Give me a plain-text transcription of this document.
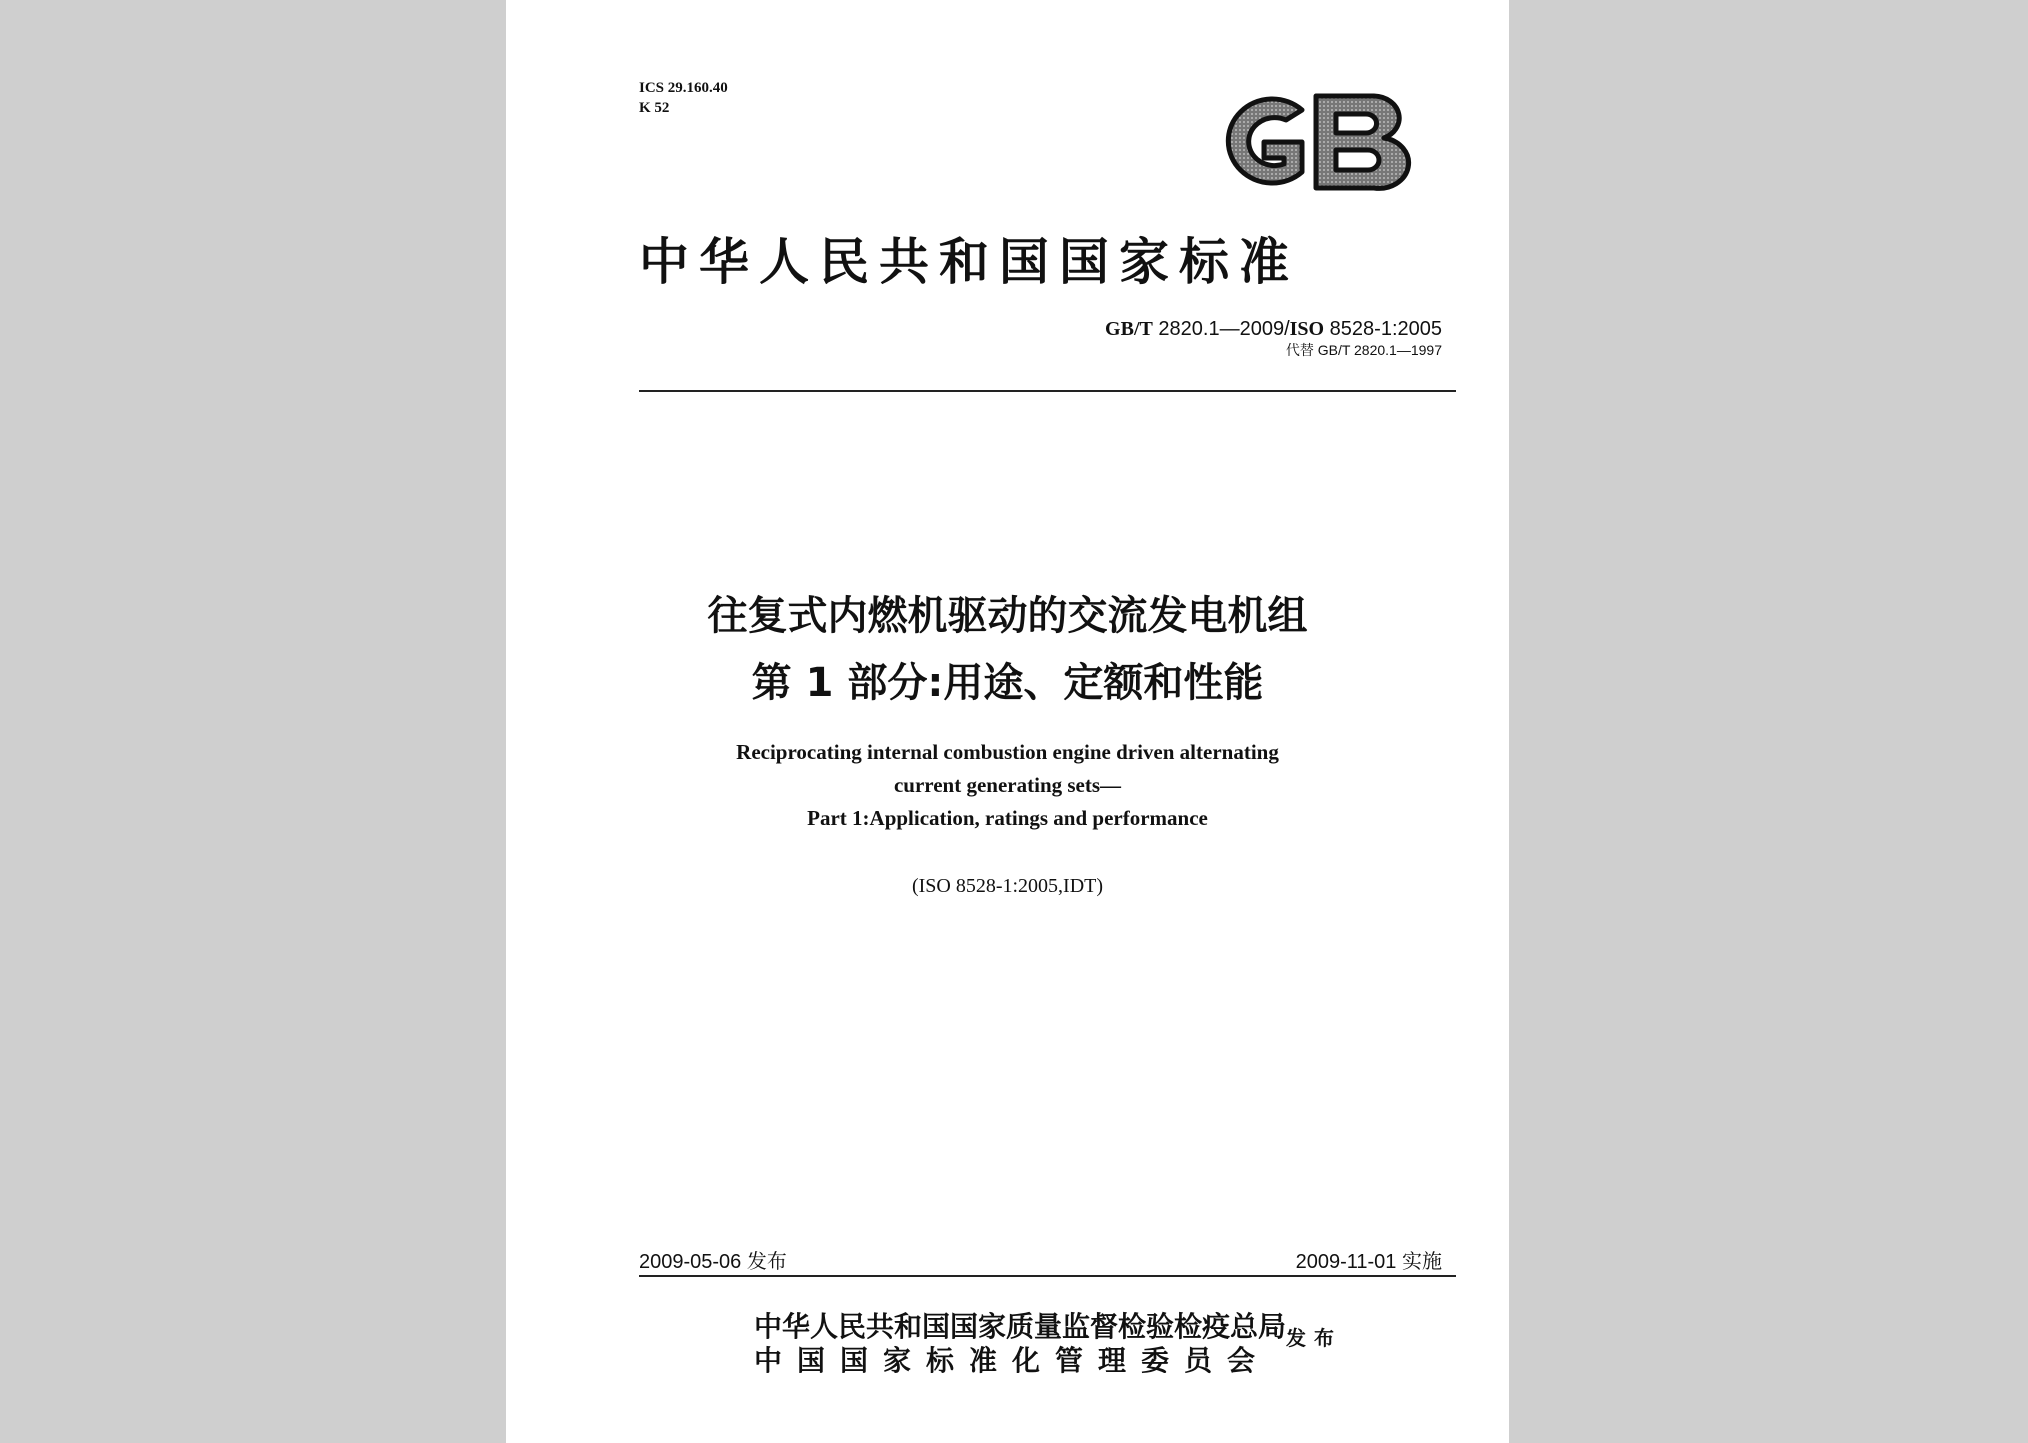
ICS 29.160.40
K 52
中华人民共和国国家标准
GB/T 2820.1—2009/ISO 8528-1:2005
代替 GB/T 2820.1—1997
往复式内燃机驱动的交流发电机组
第 1 部分:用途、定额和性能
Reciprocating internal combustion engine driven alternating
current generating sets—
Part 1:Application, ratings and performance
(ISO 8528-1:2005,IDT)
2009-05-06 发布	2009-11-01 实施
中华人民共和国国家质量监督检验检疫总局
中国国家标准化管理委员会
发布
